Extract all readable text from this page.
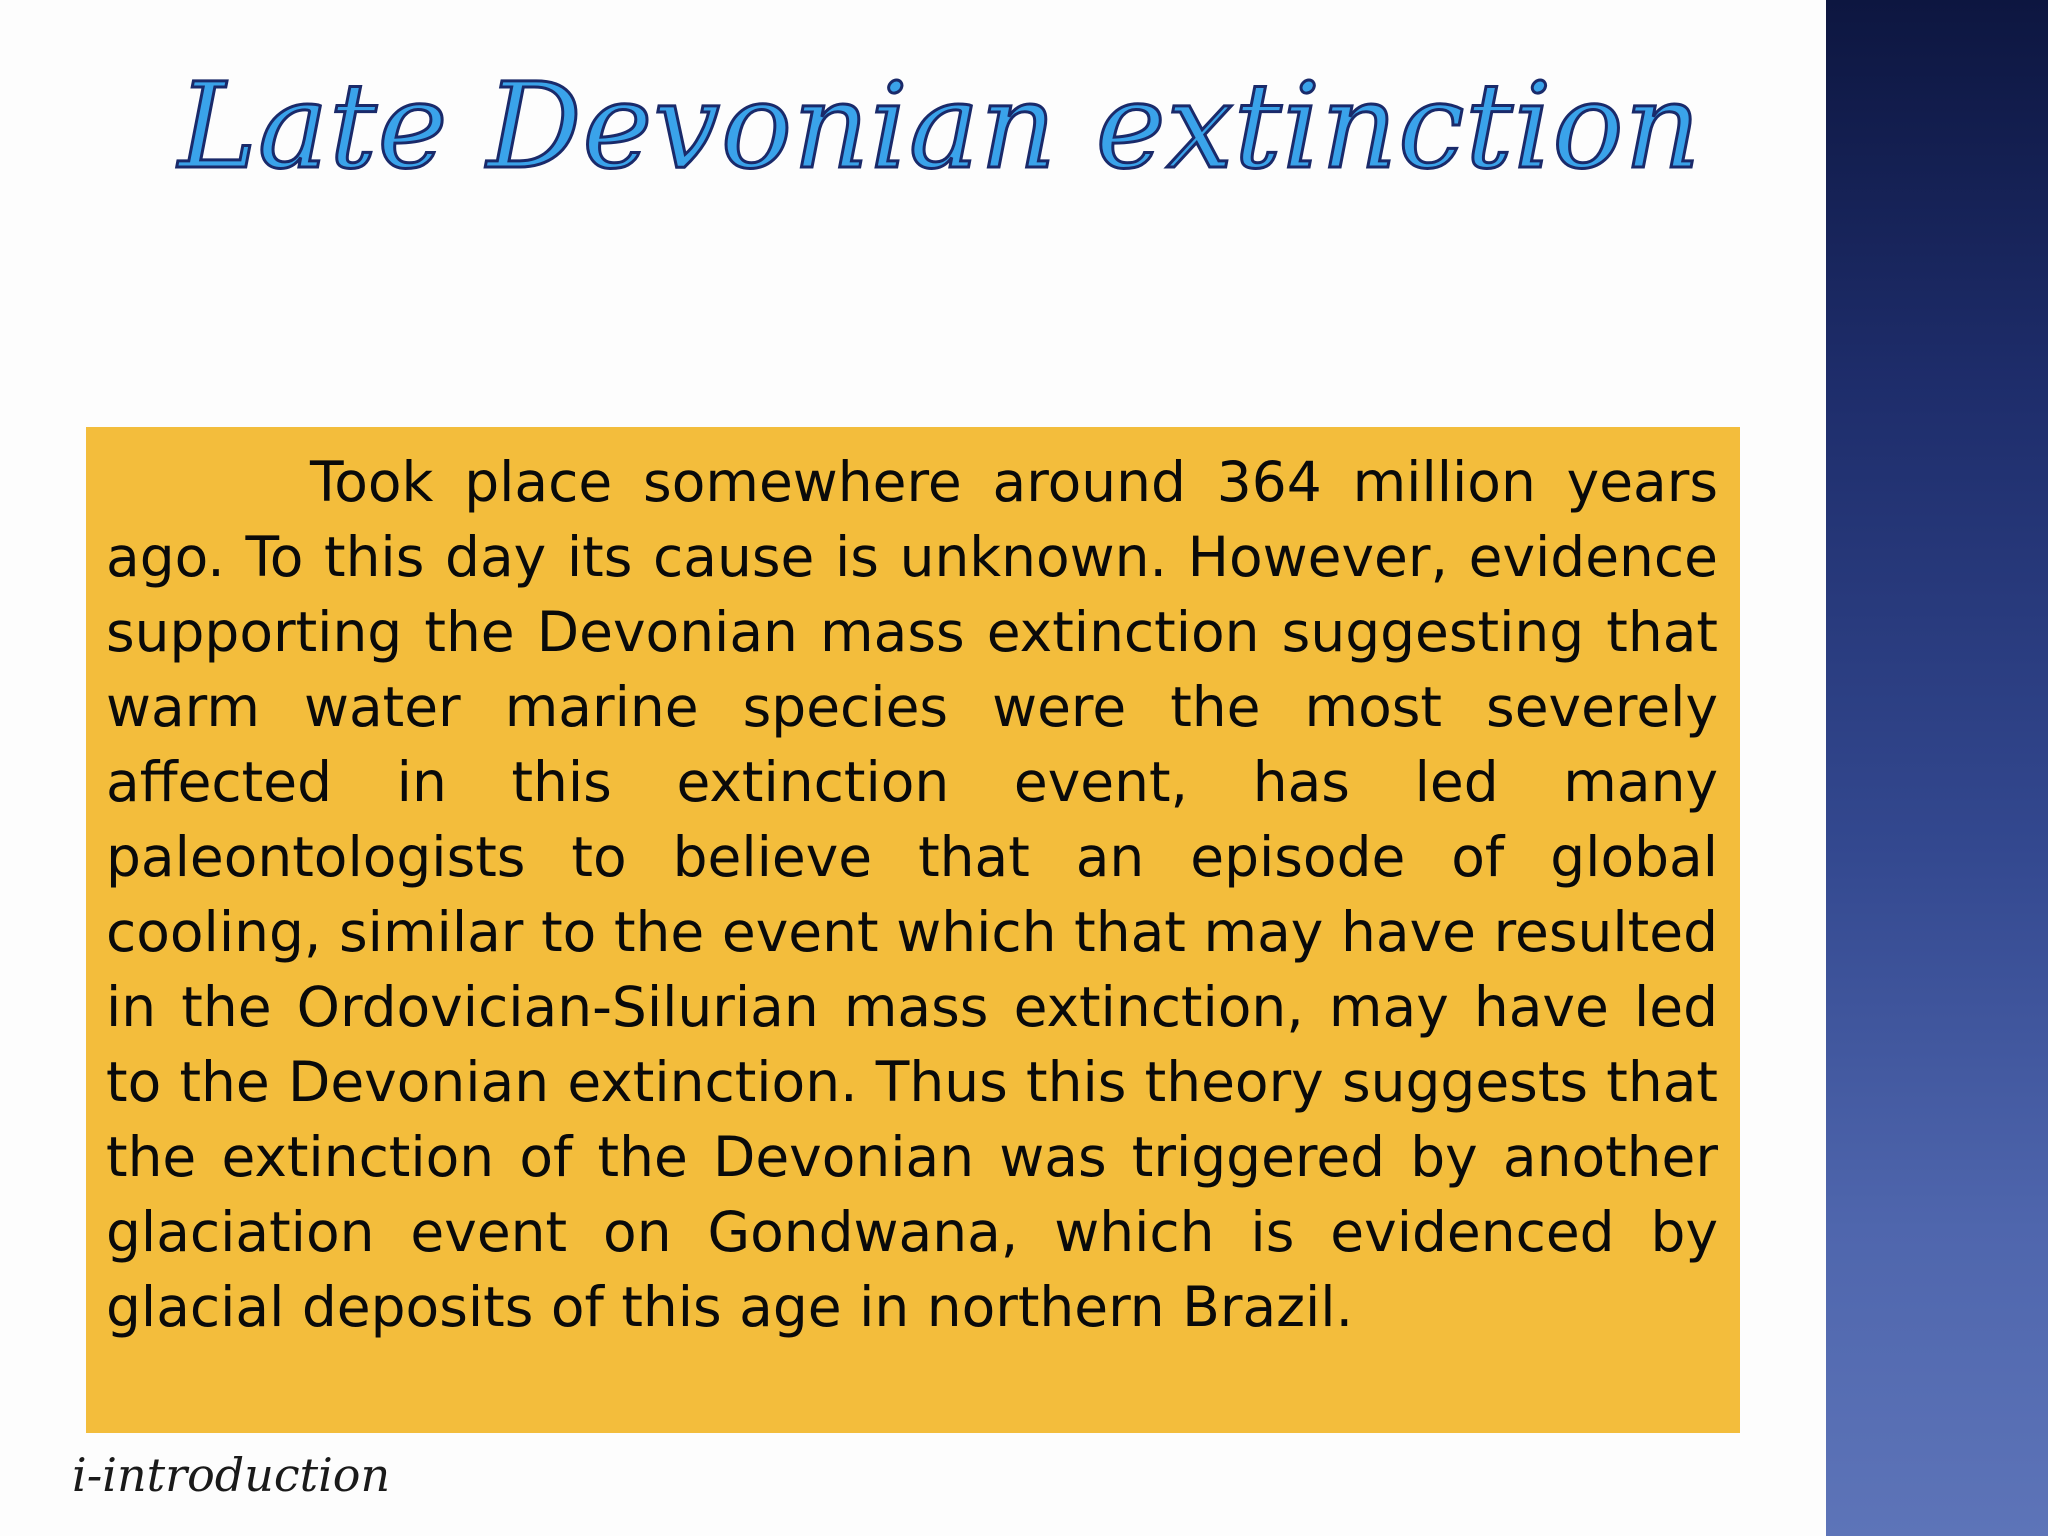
Late Devonian extinction

Took place somewhere around 364 million years ago. To this day its cause is unknown. However, evidence supporting the Devonian mass extinction suggesting that warm water marine species were the most severely affected in this extinction event, has led many paleontologists to believe that an episode of global cooling, similar to the event which that may have resulted in the Ordovician-Silurian mass extinction, may have led to the Devonian extinction. Thus this theory suggests that the extinction of the Devonian was triggered by another glaciation event on Gondwana, which is evidenced by glacial deposits of this age in northern Brazil.

i-introduction
